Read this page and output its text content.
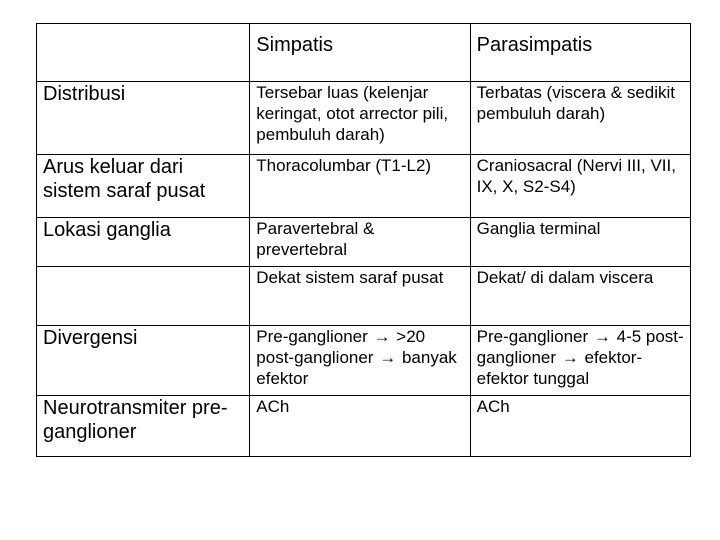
	Simpatis	Parasimpatis
Distribusi	Tersebar luas (kelenjar keringat, otot arrector pili, pembuluh darah)	Terbatas (viscera & sedikit pembuluh darah)
Arus keluar dari sistem saraf pusat	Thoracolumbar (T1-L2)	Craniosacral (Nervi III, VII, IX, X, S2-S4)
Lokasi ganglia	Paravertebral & prevertebral	Ganglia terminal
	Dekat sistem saraf pusat	Dekat/ di dalam viscera
Divergensi	Pre-ganglioner → >20 post-ganglioner → banyak efektor	Pre-ganglioner → 4-5 post-ganglioner → efektor-efektor tunggal
Neurotransmiter pre-ganglioner	ACh	ACh
